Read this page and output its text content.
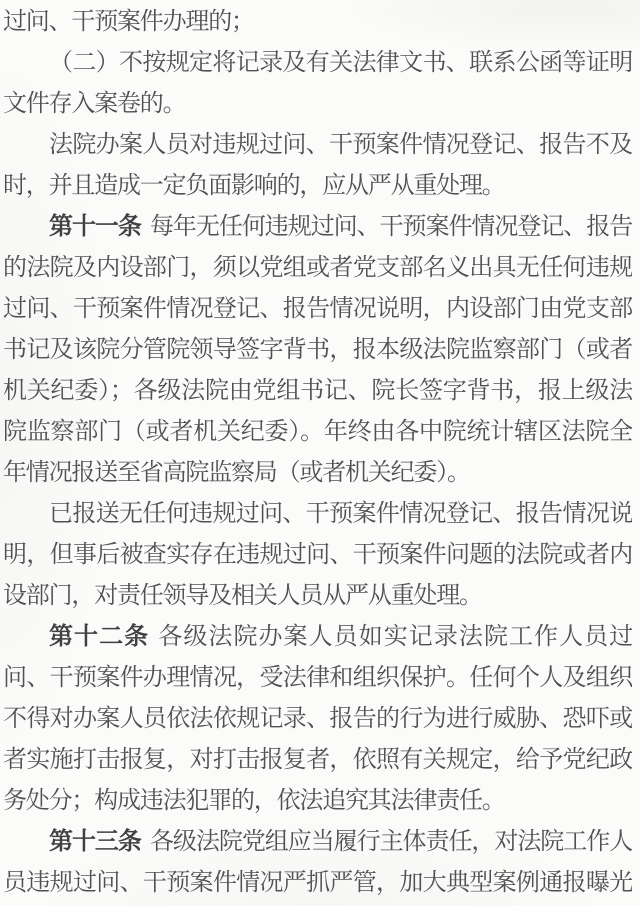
过问、干预案件办理的；
（二）不按规定将记录及有关法律文书、联系公函等证明
文件存入案卷的。
法院办案人员对违规过问、干预案件情况登记、报告不及
时，并且造成一定负面影响的，应从严从重处理。
第十一条 每年无任何违规过问、干预案件情况登记、报告
的法院及内设部门，须以党组或者党支部名义出具无任何违规
过问、干预案件情况登记、报告情况说明，内设部门由党支部
书记及该院分管院领导签字背书，报本级法院监察部门（或者
机关纪委）；各级法院由党组书记、院长签字背书，报上级法
院监察部门（或者机关纪委）。年终由各中院统计辖区法院全
年情况报送至省高院监察局（或者机关纪委）。
已报送无任何违规过问、干预案件情况登记、报告情况说
明，但事后被查实存在违规过问、干预案件问题的法院或者内
设部门，对责任领导及相关人员从严从重处理。
第十二条 各级法院办案人员如实记录法院工作人员过
问、干预案件办理情况，受法律和组织保护。任何个人及组织
不得对办案人员依法依规记录、报告的行为进行威胁、恐吓或
者实施打击报复，对打击报复者，依照有关规定，给予党纪政
务处分；构成违法犯罪的，依法追究其法律责任。
第十三条 各级法院党组应当履行主体责任，对法院工作人
员违规过问、干预案件情况严抓严管，加大典型案例通报曝光
